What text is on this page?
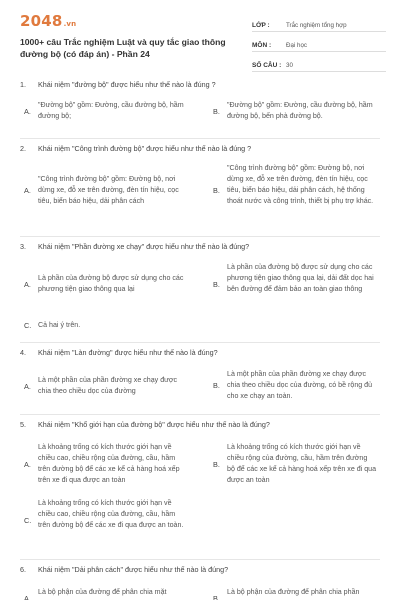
2048.vn
1000+ câu Trắc nghiệm Luật và quy tắc giao thông đường bộ (có đáp án) - Phần 24
LỚP :	Trắc nghiệm tổng hợp
MÔN :	Đại học
SỐ CÂU : 30
1. Khái niệm "đường bộ" được hiểu như thế nào là đúng ?
A.
"Đường bộ" gồm: Đường, cầu đường bộ, hầm đường bộ;	B.
"Đường bộ" gồm: Đường, cầu đường bộ, hầm đường bộ, bến phà đường bộ.
2. Khái niệm "Công trình đường bộ" được hiểu như thế nào là đúng ?
A.
"Công trình đường bộ" gồm: Đường bộ, nơi dừng xe, đỗ xe trên đường, đèn tín hiệu, cọc tiêu, biển báo hiệu, dải phân cách
B.
"Công trình đường bộ" gồm: Đường bộ, nơi dừng xe, đỗ xe trên đường, đèn tín hiệu, cọc tiêu, biển báo hiệu, dải phân cách, hệ thống thoát nước và công trình, thiết bị phụ trợ khác.
3. Khái niệm "Phần đường xe chạy" được hiểu như thế nào là đúng?
A.
Là phần của đường bộ được sử dụng cho các phương tiện giao thông qua lại	B.
Là phần của đường bộ được sử dụng cho các phương tiện giao thông qua lại, dải đất dọc hai bên đường để đảm bảo an toàn giao thông
C. Cả hai ý trên.
4. Khái niệm "Làn đường" được hiểu như thế nào là đúng?
A.
Là một phần của phần đường xe chạy được chia theo chiều dọc của đường
B.
Là một phần của phần đường xe chạy được chia theo chiều dọc của đường, có bề rộng đủ cho xe chạy an toàn.
5. Khái niệm "Khổ giới hạn của đường bộ" được hiểu như thế nào là đúng?
A.
Là khoảng trống có kích thước giới hạn về chiều cao, chiều rộng của đường, cầu, hầm trên đường bộ để các xe kể cả hàng hoá xếp trên xe đi qua được an toàn
B.
Là khoảng trống có kích thước giới hạn về chiều rộng của đường, cầu, hầm trên đường bộ để các xe kể cả hàng hoá xếp trên xe đi qua được an toàn
C.
Là khoảng trống có kích thước giới hạn về chiều cao, chiều rộng của đường, cầu, hầm trên đường bộ để các xe đi qua được an toàn.
6. Khái niệm "Dải phân cách" được hiểu như thế nào là đúng?
A.
Là bộ phận của đường để phân chia mặt
B.
Là bộ phận của đường để phân chia phần
